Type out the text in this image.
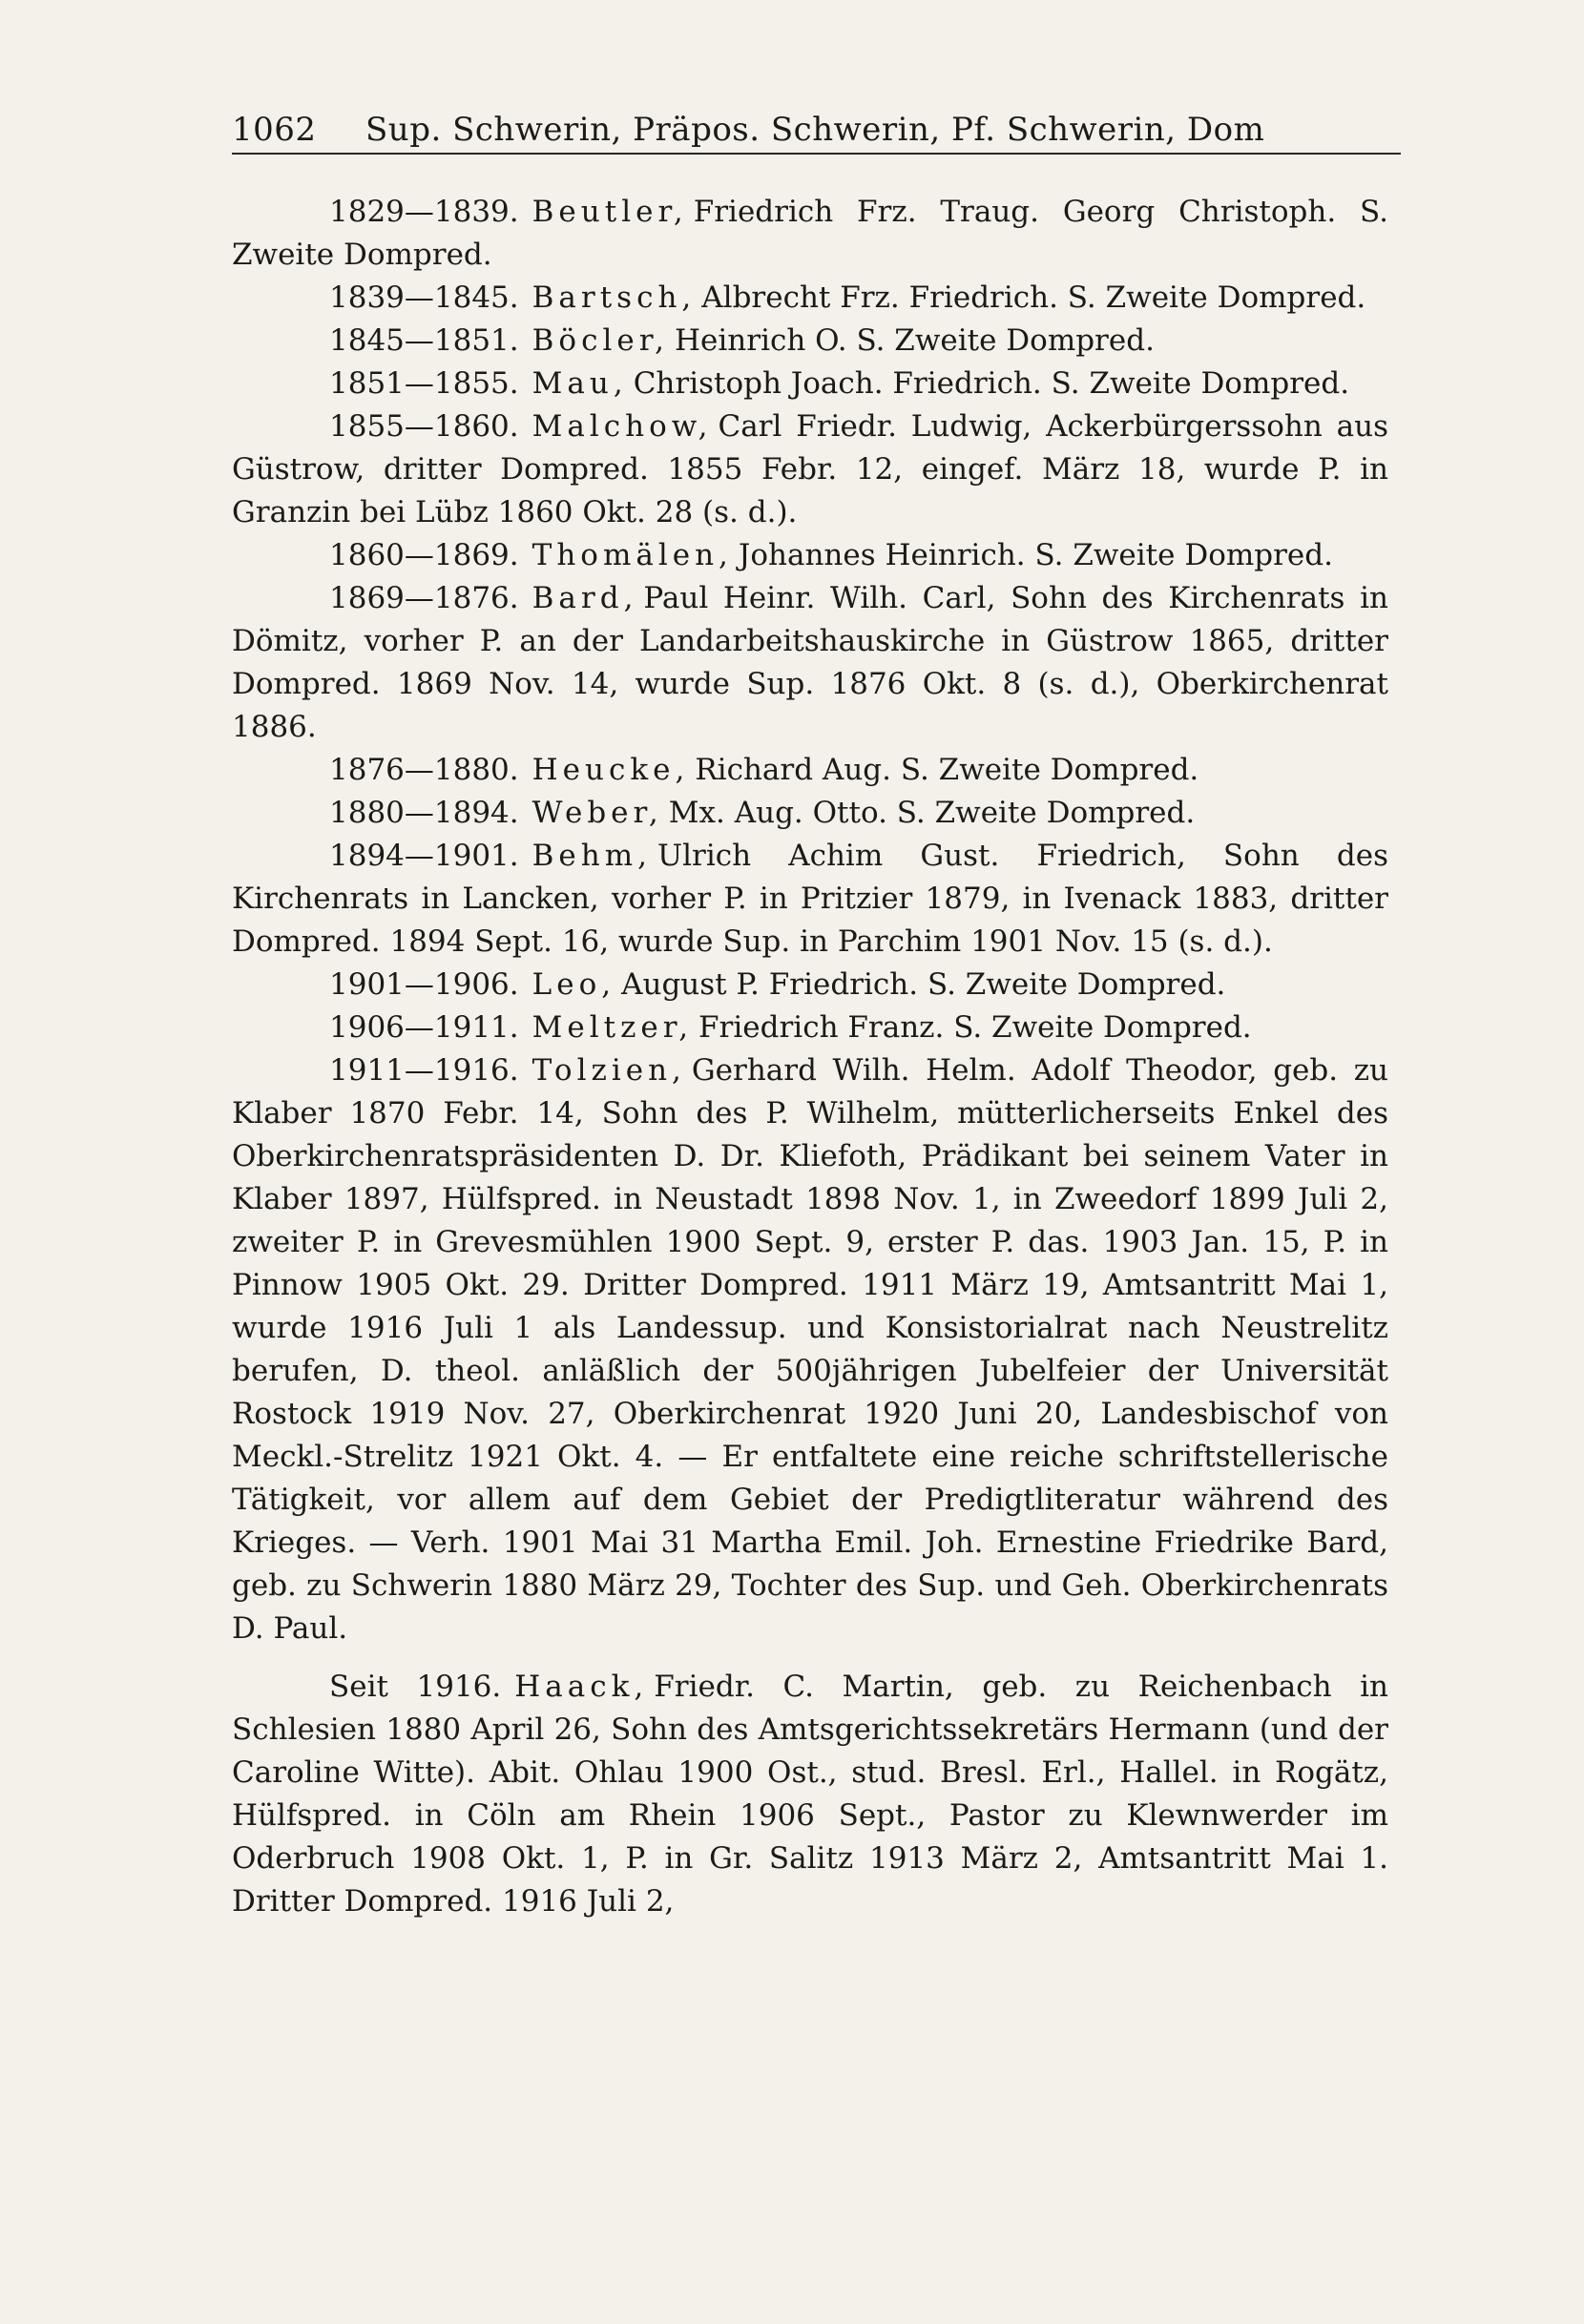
1062 Sup. Schwerin, Präpos. Schwerin, Pf. Schwerin, Dom

1829—1839. Beutler, Friedrich Frz. Traug. Georg Christoph. S. Zweite Dompred.

1839—1845. Bartsch, Albrecht Frz. Friedrich. S. Zweite Dompred.

1845—1851. Böcler, Heinrich O. S. Zweite Dompred.

1851—1855. Mau, Christoph Joach. Friedrich. S. Zweite Dompred.

1855—1860. Malchow, Carl Friedr. Ludwig, Ackerbürgerssohn aus Güstrow, dritter Dompred. 1855 Febr. 12, eingef. März 18, wurde P. in Granzin bei Lübz 1860 Okt. 28 (s. d.).

1860—1869. Thomälen, Johannes Heinrich. S. Zweite Dompred.

1869—1876. Bard, Paul Heinr. Wilh. Carl, Sohn des Kirchenrats in Dömitz, vorher P. an der Landarbeitshauskirche in Güstrow 1865, dritter Dompred. 1869 Nov. 14, wurde Sup. 1876 Okt. 8 (s. d.), Oberkirchenrat 1886.

1876—1880. Heucke, Richard Aug. S. Zweite Dompred.

1880—1894. Weber, Mx. Aug. Otto. S. Zweite Dompred.

1894—1901. Behm, Ulrich Achim Gust. Friedrich, Sohn des Kirchenrats in Lancken, vorher P. in Pritzier 1879, in Ivenack 1883, dritter Dompred. 1894 Sept. 16, wurde Sup. in Parchim 1901 Nov. 15 (s. d.).

1901—1906. Leo, August P. Friedrich. S. Zweite Dompred.

1906—1911. Meltzer, Friedrich Franz. S. Zweite Dompred.

1911—1916. Tolzien, Gerhard Wilh. Helm. Adolf Theodor, geb. zu Klaber 1870 Febr. 14, Sohn des P. Wilhelm, mütterlicherseits Enkel des Oberkirchenratspräsidenten D. Dr. Kliefoth, Prädikant bei seinem Vater in Klaber 1897, Hülfspred. in Neustadt 1898 Nov. 1, in Zweedorf 1899 Juli 2, zweiter P. in Grevesmühlen 1900 Sept. 9, erster P. das. 1903 Jan. 15, P. in Pinnow 1905 Okt. 29. Dritter Dompred. 1911 März 19, Amtsantritt Mai 1, wurde 1916 Juli 1 als Landessup. und Konsistorialrat nach Neustrelitz berufen, D. theol. anläßlich der 500jährigen Jubelfeier der Universität Rostock 1919 Nov. 27, Oberkirchenrat 1920 Juni 20, Landesbischof von Meckl.-Strelitz 1921 Okt. 4. — Er entfaltete eine reiche schriftstellerische Tätigkeit, vor allem auf dem Gebiet der Predigtliteratur während des Krieges. — Verh. 1901 Mai 31 Martha Emil. Joh. Ernestine Friedrike Bard, geb. zu Schwerin 1880 März 29, Tochter des Sup. und Geh. Oberkirchenrats D. Paul.

Seit 1916. Haack, Friedr. C. Martin, geb. zu Reichenbach in Schlesien 1880 April 26, Sohn des Amtsgerichtssekretärs Hermann (und der Caroline Witte). Abit. Ohlau 1900 Ost., stud. Bresl. Erl., Hallel. in Rogätz, Hülfspred. in Cöln am Rhein 1906 Sept., Pastor zu Klewnwerder im Oderbruch 1908 Okt. 1, P. in Gr. Salitz 1913 März 2, Amtsantritt Mai 1. Dritter Dompred. 1916 Juli 2,
